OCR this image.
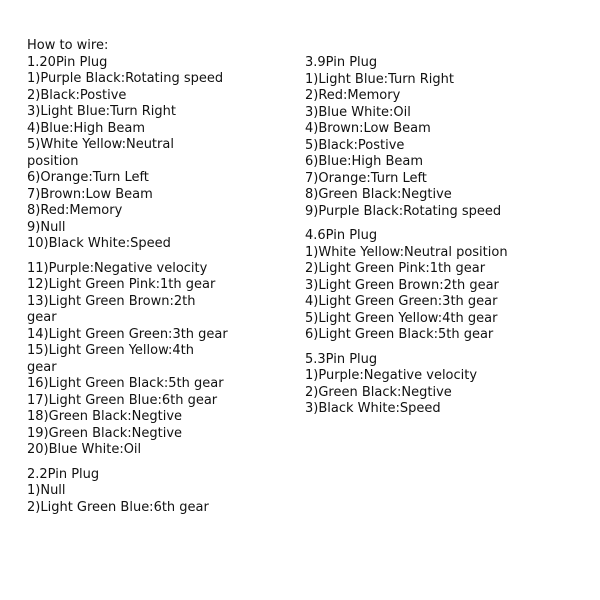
How to wire:

1.20Pin Plug

1)Purple Black:Rotating speed

2)Black:Postive

3)Light Blue:Turn Right

4)Blue:High Beam

5)White Yellow:Neutral position

6)Orange:Turn Left

7)Brown:Low Beam

8)Red:Memory

9)Null

10)Black White:Speed

11)Purple:Negative velocity

12)Light Green Pink:1th gear

13)Light Green Brown:2th gear

14)Light Green Green:3th gear

15)Light Green Yellow:4th gear

16)Light Green Black:5th gear

17)Light Green Blue:6th gear

18)Green Black:Negtive

19)Green Black:Negtive

20)Blue White:Oil

2.2Pin Plug

1)Null

2)Light Green Blue:6th gear

3.9Pin Plug

1)Light Blue:Turn Right

2)Red:Memory

3)Blue White:Oil

4)Brown:Low Beam

5)Black:Postive

6)Blue:High Beam

7)Orange:Turn Left

8)Green Black:Negtive

9)Purple Black:Rotating speed

4.6Pin Plug

1)White Yellow:Neutral position

2)Light Green Pink:1th gear

3)Light Green Brown:2th gear

4)Light Green Green:3th gear

5)Light Green Yellow:4th gear

6)Light Green Black:5th gear

5.3Pin Plug

1)Purple:Negative velocity

2)Green Black:Negtive

3)Black White:Speed
